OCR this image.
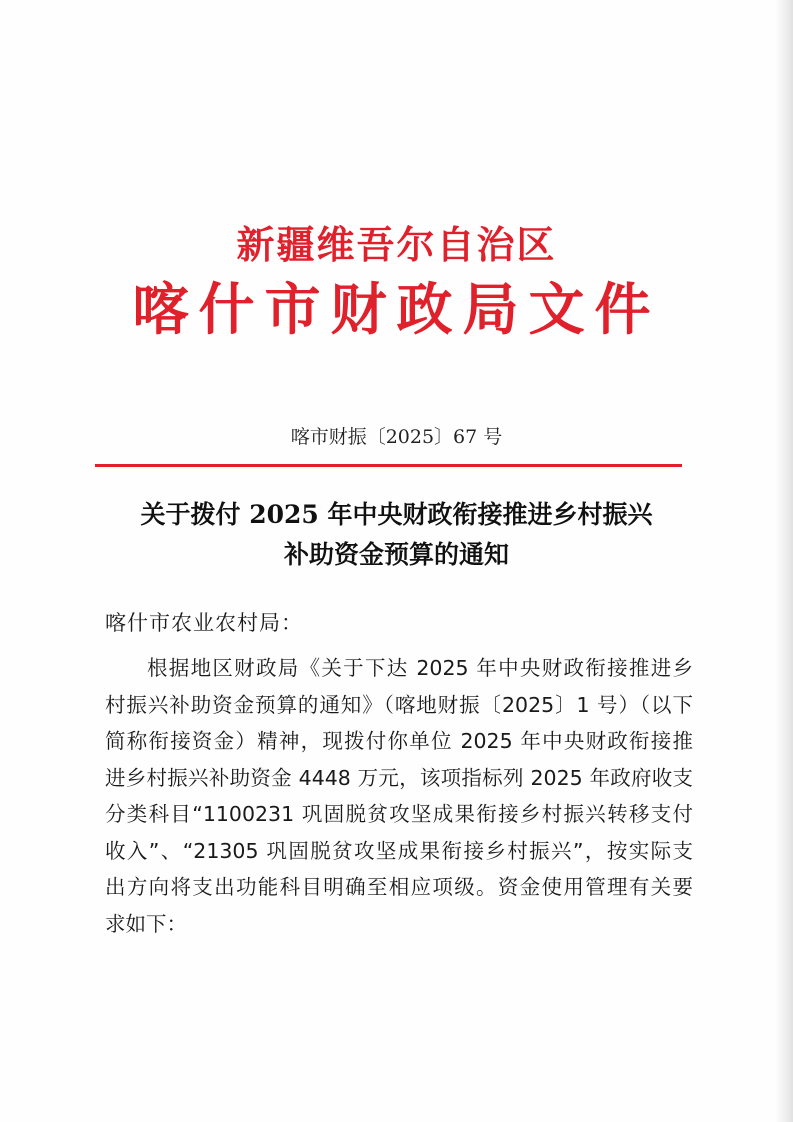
新疆维吾尔自治区
喀什市财政局文件
喀市财振〔2025〕67 号
关于拨付 2025 年中央财政衔接推进乡村振兴
补助资金预算的通知
喀什市农业农村局：
根据地区财政局《关于下达 2025 年中央财政衔接推进乡
村振兴补助资金预算的通知》（喀地财振〔2025〕1 号）（以下
简称衔接资金）精神，现拨付你单位 2025 年中央财政衔接推
进乡村振兴补助资金 4448 万元，该项指标列 2025 年政府收支
分类科目“1100231 巩固脱贫攻坚成果衔接乡村振兴转移支付
收入”、“21305 巩固脱贫攻坚成果衔接乡村振兴”，按实际支
出方向将支出功能科目明确至相应项级。资金使用管理有关要
求如下：
